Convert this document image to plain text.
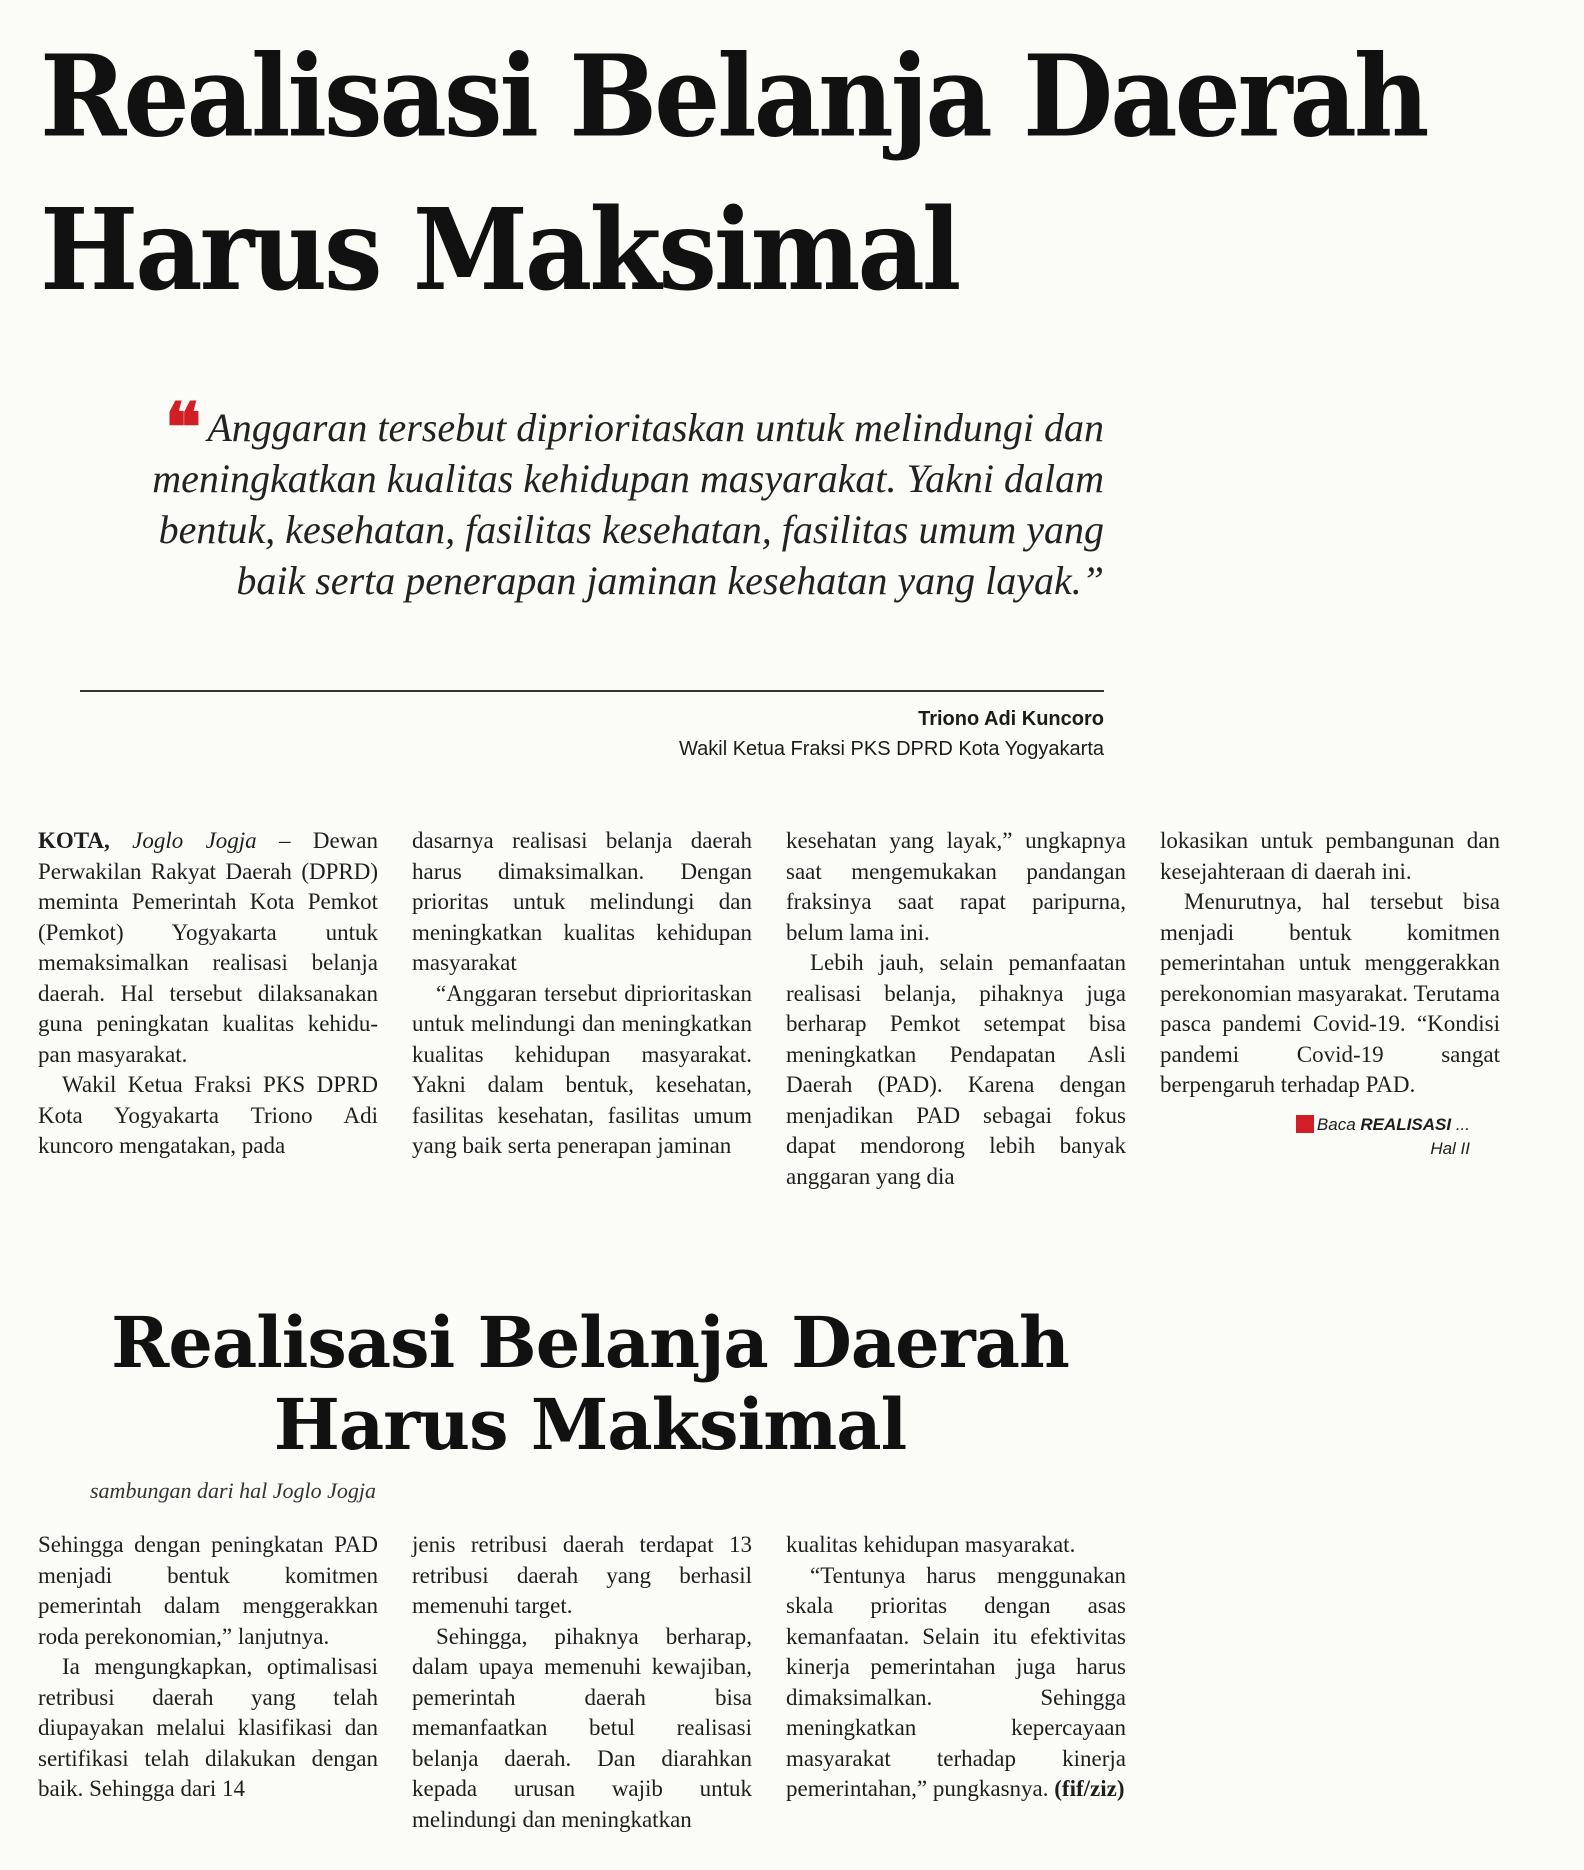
Realisasi Belanja Daerah
Harus Maksimal
❝ Anggaran tersebut diprioritaskan untuk melindungi dan meningkatkan kualitas kehidupan masyarakat. Yakni dalam bentuk, kesehatan, fasilitas kesehatan, fasilitas umum yang baik serta penerapan jaminan kesehatan yang layak.”
Triono Adi Kuncoro
Wakil Ketua Fraksi PKS DPRD Kota Yogyakarta

KOTA, Joglo Jogja – Dewan Perwakilan Rakyat Daerah (DPRD) meminta Pemerintah Kota Pemkot (Pemkot) Yogyakarta untuk memaksimalkan realisasi belanja daerah. Hal tersebut dilaksanakan guna peningkatan kualitas kehidupan masyarakat.

Wakil Ketua Fraksi PKS DPRD Kota Yogyakarta Triono Adi kuncoro mengatakan, pada

dasarnya realisasi belanja daerah harus dimaksimalkan. Dengan prioritas untuk melindungi dan meningkatkan kualitas kehidupan masyarakat

“Anggaran tersebut diprioritaskan untuk melindungi dan meningkatkan kualitas kehidupan masyarakat. Yakni dalam bentuk, kesehatan, fasilitas kesehatan, fasilitas umum yang baik serta penerapan jaminan

kesehatan yang layak,” ungkapnya saat mengemukakan pandangan fraksinya saat rapat paripurna, belum lama ini.

Lebih jauh, selain pemanfaatan realisasi belanja, pihaknya juga berharap Pemkot setempat bisa meningkatkan Pendapatan Asli Daerah (PAD). Karena dengan menjadikan PAD sebagai fokus dapat mendorong lebih banyak anggaran yang dia

lokasikan untuk pembangunan dan kesejahteraan di daerah ini.

Menurutnya, hal tersebut bisa menjadi bentuk komitmen pemerintahan untuk menggerakkan perekonomian masyarakat. Terutama pasca pandemi Covid-19. “Kondisi pandemi Covid-19 sangat berpengaruh terhadap PAD.

Baca REALISASI ...
Hal II
Realisasi Belanja Daerah
Harus Maksimal
sambungan dari hal Joglo Jogja

Sehingga dengan peningkatan PAD menjadi bentuk komitmen pemerintah dalam menggerakkan roda perekonomian,” lanjutnya.

Ia mengungkapkan, optimalisasi retribusi daerah yang telah diupayakan melalui klasifikasi dan sertifikasi telah dilakukan dengan baik. Sehingga dari 14

jenis retribusi daerah terdapat 13 retribusi daerah yang berhasil memenuhi target.

Sehingga, pihaknya berharap, dalam upaya memenuhi kewajiban, pemerintah daerah bisa memanfaatkan betul realisasi belanja daerah. Dan diarahkan kepada urusan wajib untuk melindungi dan meningkatkan

kualitas kehidupan masyarakat.

“Tentunya harus menggunakan skala prioritas dengan asas kemanfaatan. Selain itu efektivitas kinerja pemerintahan juga harus dimaksimalkan. Sehingga meningkatkan kepercayaan masyarakat terhadap kinerja pemerintahan,” pungkasnya. (fif/ziz)
